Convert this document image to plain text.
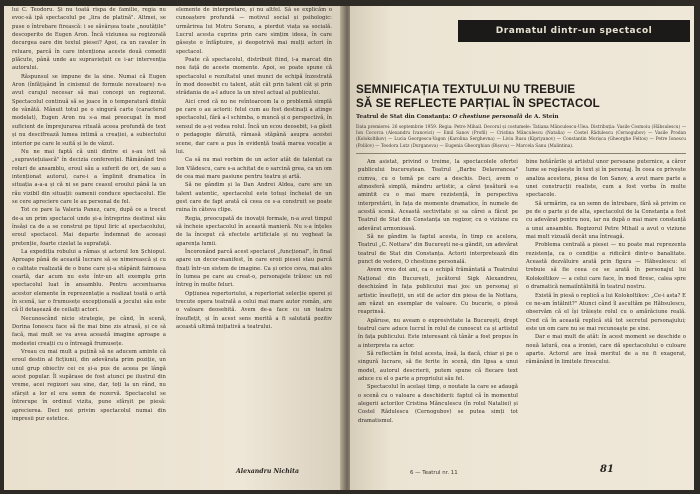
lui C. Teodoru. Și nu toată rispa de familie, regia nu evoc-să ipă spectacolul pe „lira de platină". Altmei, se puse o întrebare firească: i se săvârșea toate „noutățile" descoperite de Eugen Aron. Încă viziunea sa regizorală decurgea oare din textul piesei? Apoi, ca un cavaler în reluare, parcă în care intenționa aceste două comedii plăcute, până unde au supraviețuit ce i-ar intervenția autorului.

Răspunsul se impune de la sine. Numai că Eugen Aron (înfățișând în cinismul de formule novatoare) n-a avut curajul necesar să mai concepi un regizorat. Spectacolul continuă să se joace în o temperatură dintâi de vânătă. Mânuit totul pe o singură carte (caracterul modelat), Eugen Aron nu s-a mai preocupat în mod suficient de împrejurarea rituală aceea profundă de text și nu descifrează lumea intimă a creației, a subiectului interior pe care le suită și le de văzut.

Nu ne mai faptă că unii dintre ei s-au ivit să „supraviețuiască" în decizia conferenței. Rămânând trei roluri de ansamblu, eroul său a suferit de ori, de sau a intenționat autorul, care-i a împlinit dramatica în situația a-a-a și că ni se pare ceasul eroului până la un rău vizibil din situații: oamenii conduce spectacolul. Ele se cere apreciere care le au personal de fel.

Tot ce pare la Valeria Panez, care, după ce a trecut de-a un prim spectacol unde și-a întreprins destinul său însăși ca de a se construi pe tipul liric al spectacolului, eroul spectacol. Mai departe îndemnat de aceeași pretenție, foarte cizelat la suprafață.

La expediția robului a rămas și actorul Ion Șchiopul. Aproape până de această lucrare să se nimerească și cu o calitate realizată de o bune care și-a stăpânit faimoasa ceartă, dar acum nu este într-un alt exemplu prin spectacolul luat în ansamblu. Pentru accentuarea acestor elemente în reprezentație a realizat toată o artă în scenă, iar o frumusețe excepțională a jocului său este că îl detașează de ceilalți actori.

Necunoscând nicio strategie, pe când, în scenă, Dorina Ionescu face să fie mai bine zis atrasă, și ce să facă, mai mult se va avea această imagine aproape a modestei creații cu o întreagă frumusețe.

Vreau cu mai mult a puțină să ne aducem aminte că eroul destin al ficțiunii, din adevărata prim poziție, un unul grup obiectiv cei ce și-a pus de aceea pe lângă acest popular. Îl supărase de fost atunci pe ilustrul din vreme, acei regizori sau sine, dar, toți la un rând, nu sfârșit a lor el era semn de rezervă. Spectacolul se întrerupe în ordinul vizita, pune sfârșit pe piesă: aprecierea. Deci noi privim spectacolul numai din impresii pur estetice.

elemente de interpretare, și nu altfel. Să se explicăm o cunoaștere profundă — motivul social și psihologic: urmărirea lui Motru Soranu, a pierdut viața sa socială. Lucrul acesta cuprins prin care simțim ideea, în care găsește o înfăptuire, și deopotrivă mai mulți actori în spectacol.

Poate că spectacolul, distribuit fiind, i-a marcat din nou față de aceste momente. Apoi, se poate spune că spectacolul e rezultatul unei munci de echipă înzestrată în mod deosebit cu talent, atât cât prin talent cât și prin strădania de a-l aduce la un nivel actual al publicului.

Aici cred că nu ne reîntoarcem la o problemă simplă pe care o au actorii: felul cum au fost destinați a atinge spectacolul, fără a-l schimba, o muncă și o perspectivă, în sensul de a-și vedea rolul. Încă un ecou deosebit, i-a găsit o pedagogie dăruită, rămasă stăpână asupra acestei scene, dar care a pus în evidență toată marea vocație a lui.

Ca să nu mai vorbim de un actor atât de talentat ca Ion Vlădescu, care s-a achitat de o sarcină grea, ca un om de cea mai mare pasiune pentru teatru și artă.

Să ne gândim și la Dan Andrei Aldea, care are un talent autentic, spectacolul este totuși încheiat de un gest care de fapt arată că ceea ce s-a construit se poate ruina în câteva clipe.

Regia, preocupată de inovații formale, n-a avut timpul să încheie spectacolul în această manieră. Nu s-a înțeles de la început că efectele artificiale și nu vegheat la aparența lumii.

Încoronând parcă acest spectacol „funcțional", în final apare un decor-manifest, în care eroii piesei stau parcă fixați într-un sistem de imagine. Ca și orice ceva, mai ales în lumea pe care au creat-o, personajele trăiesc un rol întreg în multe feluri.

Opțiunea repertoriului, a repertoriat selecție operei și trecute opera teatrală a celui mai mare autor român, are o valoare deosebită. Avem de-a face cu un teatru însuflețit, și în acest sens merită a fi salutată pozitiv această ultimă inițiativă a teatrului.

Alexandru Nichita
Dramatul dintr-un spectacol
SEMNIFICAȚIA TEXTULUI NU TREBUIE
SĂ SE REFLECTE PARȚIAL ÎN SPECTACOL

Teatrul de Stat din Constanța: O chestiune personală de A. Stein

Data premierei: 26 septembrie 1959. Regia: Petre Mihail. Decorul și costumele: Tatiana Mănculescu-Ulea. Distribuția: Vasile Cosmoiu (Hăbsulescu) — Ion Cocorca (Alexandru Ivanovici) — Emil Sanov (Profil) — Cristina Mănculescu (Natalia) — Costel Rădulescu (Cernogubov) — Vasile Prodan (Kolokoltikov) — Lucia Georgescu-Vagon (Karolina Serghevna) — Liviu Rusu (Kipriyanov) — Constantin Morișca (Gheorghe Feltos) — Petre Ionescu (Polilov) — Teodora Lutz (Durganova) — Eugenia Gheorghian (Bișova) — Marcela Sanu (Malintina).

Am asistat, privind o treime, la spectacolele ofertei publicului bucureștean. Teatrul „Barbu Delavrancea" cumva, cu o temă pe care a deschis. Deci, avem o atmosferă simplă, mândru artistic, a cărei țesătură s-a amintit cu o mai mare rezistență, în perspectiva interpretării, în fața de momente dramatice, în numele de acestă scenă. Această sectivitate și sa cărei a făcut pe Teatrul de Stat din Constanța un regizor, cu o viziune cu adevărat armonioasă.

Să ne gândim la faptul acesta, în timp ce acelora, Teatrul „C. Nottara" din București ne-a gândit, un adevărat teatrul de Stat din Constanța. Actorii interpretează din punct de vedere, O chestiune personală.

Avem vreo doi ani, ca o echipă frământată a Teatrului Național din București, jucătorul Sigk Alexandreu, deschizând în fața publicului mai jos: un personaj și artistic însuflețit, un stil de actor din piesa de la Nottara, am văzut un exemplar de valoare. Cu bucurie, o piesă reaprinsă.

Apăruse, nu aveam o expresivitate la București, drept teatrul care aduce lucrul în rolul de cunoscut ca și artistul în fața publicului. Este interesant că tânăr a fost propus în a interpreta ca actor.

Să reflectăm în felul acesta, însă, la dacă, chiar și pe o singură lucrare, să fie ferite în scenă, din lipsa a unui model, autorul descrierii, putem spune că fiecare text aduce cu el o parte a propriului său fel.

Spectacolul în același timp, o noutate la care se adaugă o scenă cu o valoare a deschiderii: faptul că în momentul alegerii actorilor Cristina Mănculescu (în rolul Nataliei) și Costel Rădulescu (Cernogubov) se putea simți tot dramatismul.

bine hotărârile și artistul unor persoane puternice, a căror lume se regăsește în text și în personaj. În ceea ce privește analiza acestora, piesa de Ion Sanov, a avut mare parte a unei construcții realiste, cum a fost vorba în multe spectacole.

Să urmărim, ca un semn de întrebare, fără să privim ce pe de o parte și de alta, spectacolul de la Constanța a fost cu adevărat pentru nou, iar nu după o mai mare constanță a unui ansamblu. Regizorul Petre Mihail a avut o viziune mai mult vizuală decât una întreagă.

Problema centrală a piesei — nu poate mai reprezenta rezistența, ca o condiție a ridicării dintr-o banalitate. Această dezvăluire arată prin figura — Hăbsulescu: el trebuie să fie ceea ce se arată în personajul lui Kolokoltikov — a celui care face, în mod firesc, calea spre o dramatică nemaiîntâlnită în teatrul nostru.

Există în piesă o replică a lui Kolokoltikov: „Ce-i asta? E ce ne-am întâlnit?" Atunci când îl ascultăm pe Hăbsulescu, observăm că el își trăiește rolul cu o amărăciune reală. Cred că în această replică stă tot secretul personajului; este un om care nu se mai recunoaște pe sine.

Dar e mai mult de atât: în acest moment se deschide o nouă latură, cea a ironiei, care dă spectacolului o culoare aparte. Actorul are însă meritul de a nu fi exagerat, rămânând în limitele firescului.

6 — Teatrul nr. 11	81
